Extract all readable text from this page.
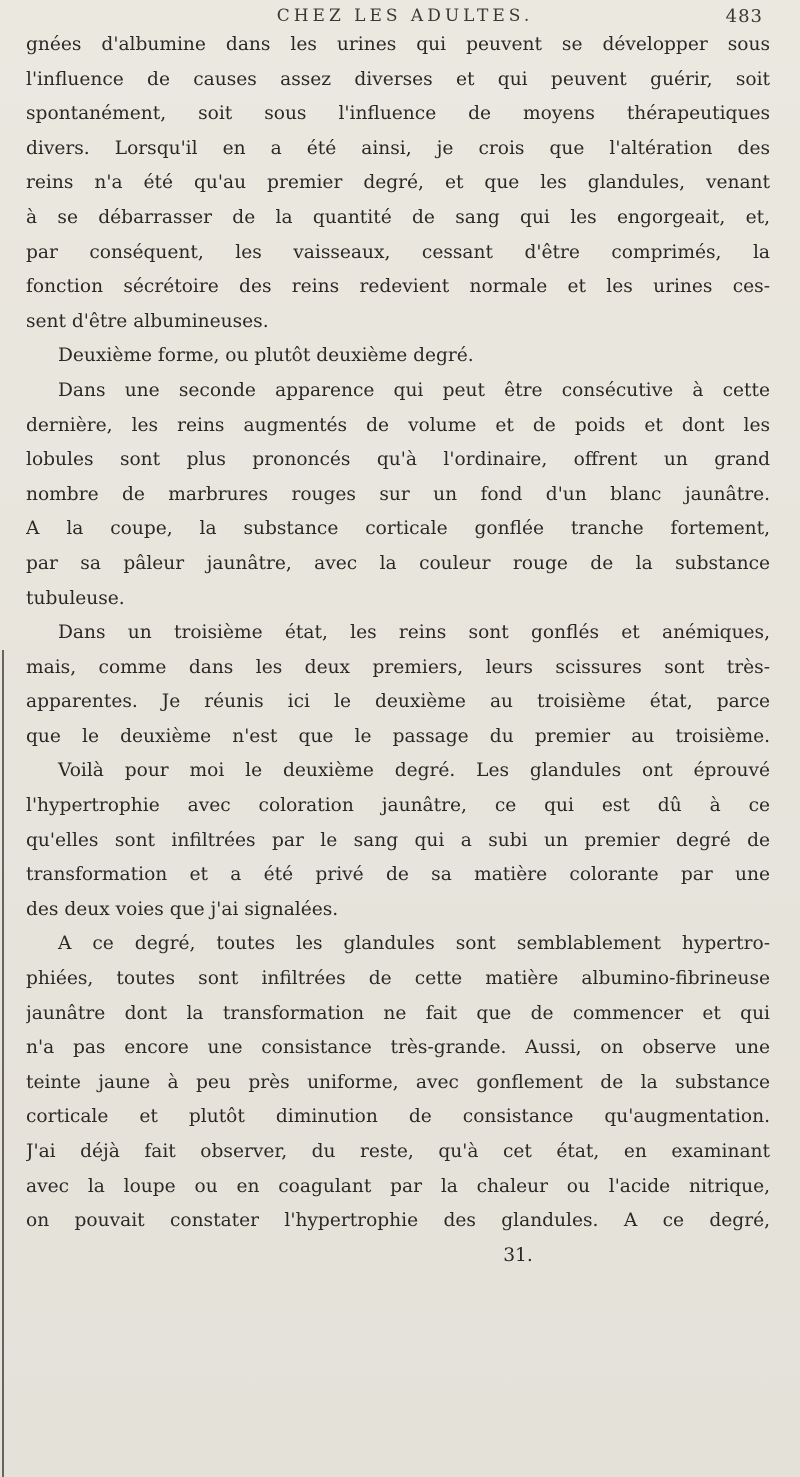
CHEZ LES ADULTES.	483
gnées d'albumine dans les urines qui peuvent se développer sous
l'influence de causes assez diverses et qui peuvent guérir, soit
spontanément, soit sous l'influence de moyens thérapeutiques
divers. Lorsqu'il en a été ainsi, je crois que l'altération des
reins n'a été qu'au premier degré, et que les glandules, venant
à se débarrasser de la quantité de sang qui les engorgeait, et,
par conséquent, les vaisseaux, cessant d'être comprimés, la
fonction sécrétoire des reins redevient normale et les urines ces-
sent d'être albumineuses.
Deuxième forme, ou plutôt deuxième degré.
Dans une seconde apparence qui peut être consécutive à cette
dernière, les reins augmentés de volume et de poids et dont les
lobules sont plus prononcés qu'à l'ordinaire, offrent un grand
nombre de marbrures rouges sur un fond d'un blanc jaunâtre.
A la coupe, la substance corticale gonflée tranche fortement,
par sa pâleur jaunâtre, avec la couleur rouge de la substance
tubuleuse.
Dans un troisième état, les reins sont gonflés et anémiques,
mais, comme dans les deux premiers, leurs scissures sont très-
apparentes. Je réunis ici le deuxième au troisième état, parce
que le deuxième n'est que le passage du premier au troisième.
Voilà pour moi le deuxième degré. Les glandules ont éprouvé
l'hypertrophie avec coloration jaunâtre, ce qui est dû à ce
qu'elles sont infiltrées par le sang qui a subi un premier degré de
transformation et a été privé de sa matière colorante par une
des deux voies que j'ai signalées.
A ce degré, toutes les glandules sont semblablement hypertro-
phiées, toutes sont infiltrées de cette matière albumino-fibrineuse
jaunâtre dont la transformation ne fait que de commencer et qui
n'a pas encore une consistance très-grande. Aussi, on observe une
teinte jaune à peu près uniforme, avec gonflement de la substance
corticale et plutôt diminution de consistance qu'augmentation.
J'ai déjà fait observer, du reste, qu'à cet état, en examinant
avec la loupe ou en coagulant par la chaleur ou l'acide nitrique,
on pouvait constater l'hypertrophie des glandules. A ce degré,
31.
